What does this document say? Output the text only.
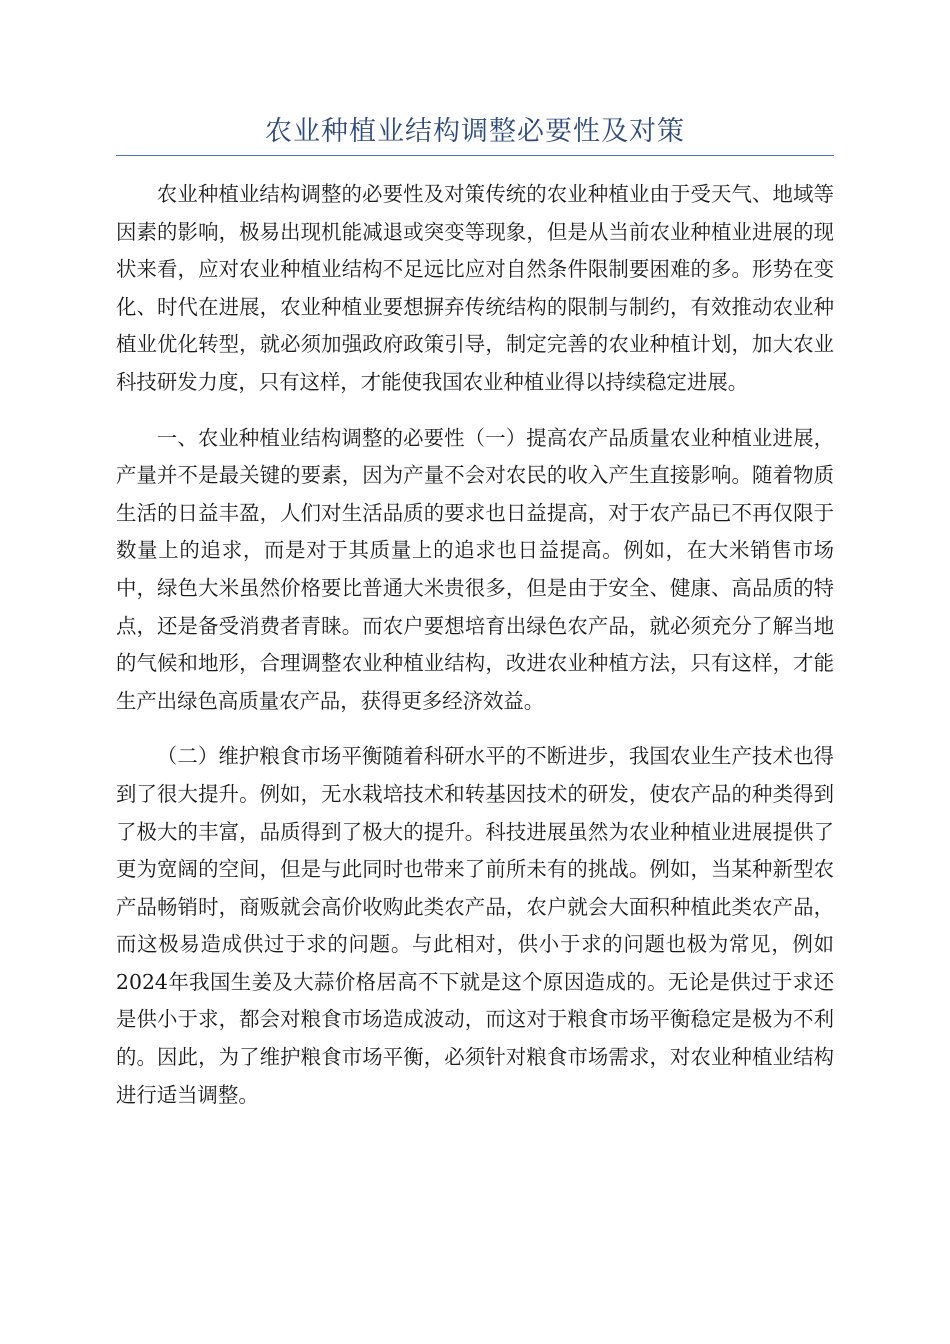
农业种植业结构调整必要性及对策

农业种植业结构调整的必要性及对策传统的农业种植业由于受天气、地域等因素的影响，极易出现机能减退或突变等现象，但是从当前农业种植业进展的现状来看，应对农业种植业结构不足远比应对自然条件限制要困难的多。形势在变化、时代在进展，农业种植业要想摒弃传统结构的限制与制约，有效推动农业种植业优化转型，就必须加强政府政策引导，制定完善的农业种植计划，加大农业科技研发力度，只有这样，才能使我国农业种植业得以持续稳定进展。

一、农业种植业结构调整的必要性（一）提高农产品质量农业种植业进展，产量并不是最关键的要素，因为产量不会对农民的收入产生直接影响。随着物质生活的日益丰盈，人们对生活品质的要求也日益提高，对于农产品已不再仅限于数量上的追求，而是对于其质量上的追求也日益提高。例如，在大米销售市场中，绿色大米虽然价格要比普通大米贵很多，但是由于安全、健康、高品质的特点，还是备受消费者青睐。而农户要想培育出绿色农产品，就必须充分了解当地的气候和地形，合理调整农业种植业结构，改进农业种植方法，只有这样，才能生产出绿色高质量农产品，获得更多经济效益。

（二）维护粮食市场平衡随着科研水平的不断进步，我国农业生产技术也得到了很大提升。例如，无水栽培技术和转基因技术的研发，使农产品的种类得到了极大的丰富，品质得到了极大的提升。科技进展虽然为农业种植业进展提供了更为宽阔的空间，但是与此同时也带来了前所未有的挑战。例如，当某种新型农产品畅销时，商贩就会高价收购此类农产品，农户就会大面积种植此类农产品，而这极易造成供过于求的问题。与此相对，供小于求的问题也极为常见，例如2024年我国生姜及大蒜价格居高不下就是这个原因造成的。无论是供过于求还是供小于求，都会对粮食市场造成波动，而这对于粮食市场平衡稳定是极为不利的。因此，为了维护粮食市场平衡，必须针对粮食市场需求，对农业种植业结构进行适当调整。
